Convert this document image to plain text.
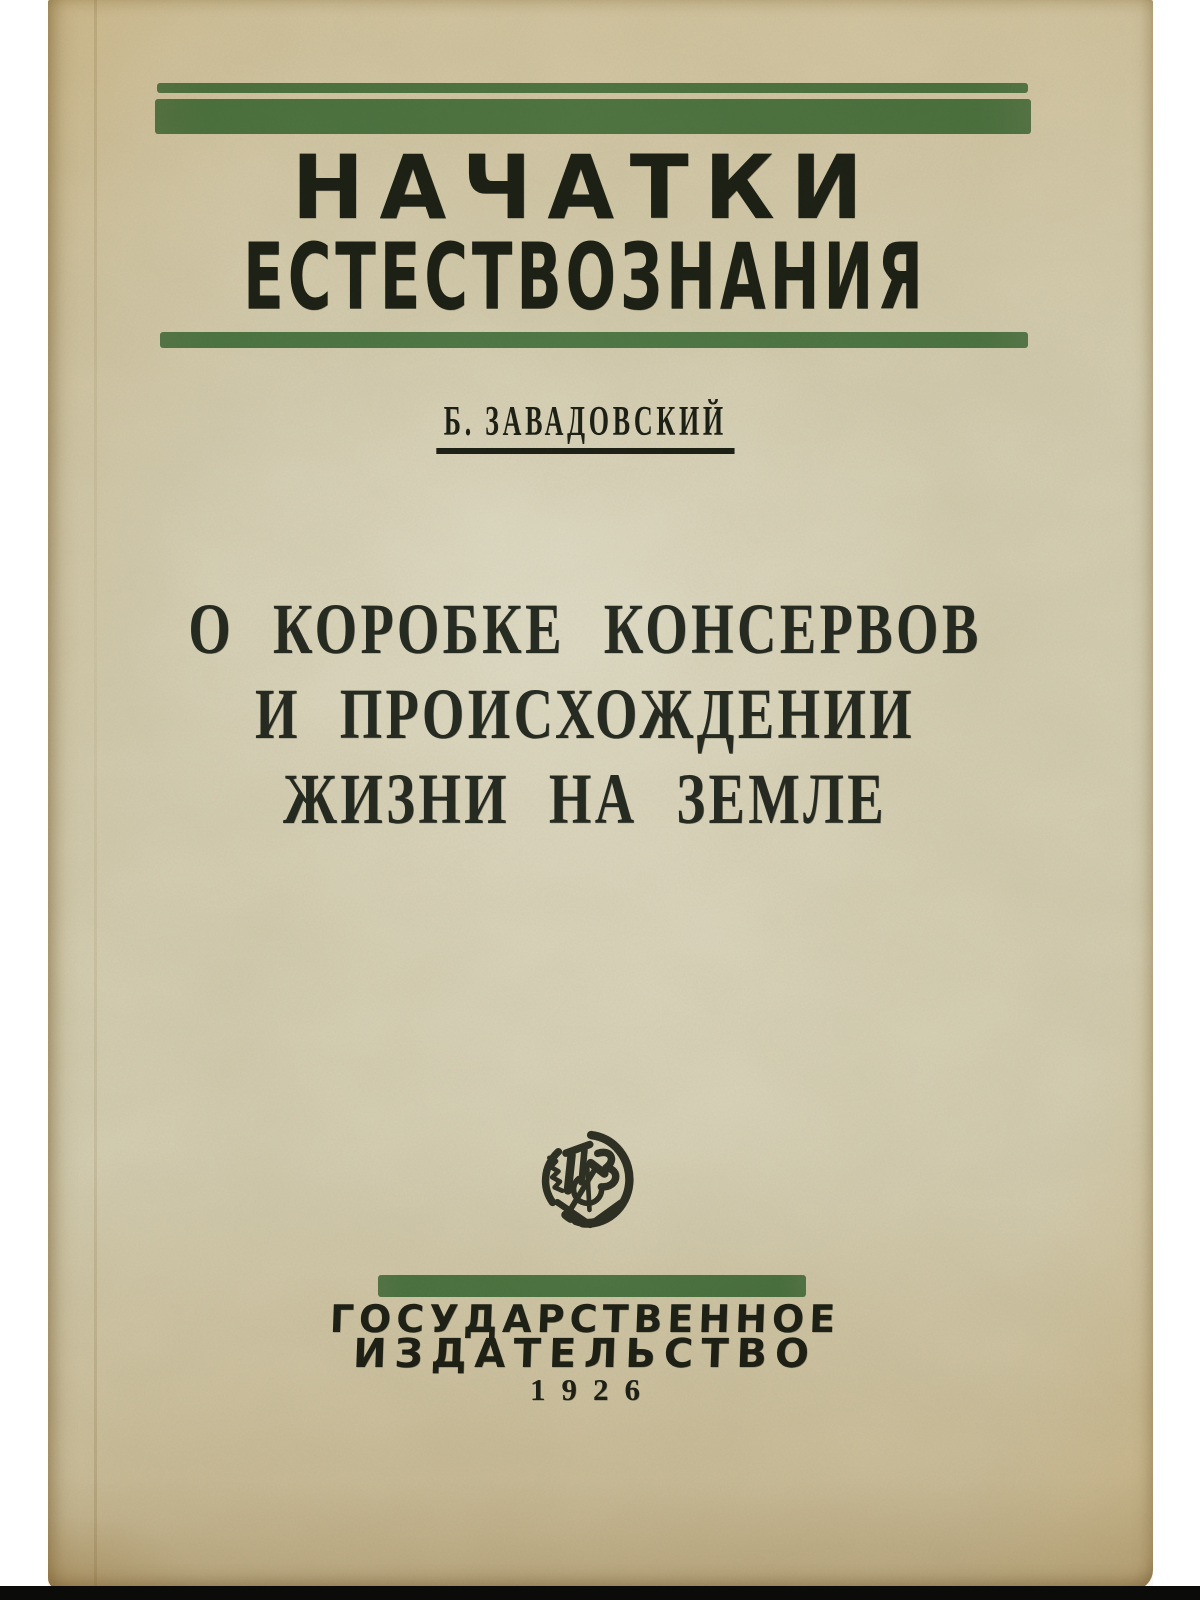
НАЧАТКИ
ЕСТЕСТВОЗНАНИЯ
Б. ЗАВАДОВСКИЙ
О КОРОБКЕ КОНСЕРВОВ
И ПРОИСХОЖДЕНИИ
ЖИЗНИ НА ЗЕМЛЕ
ГОСУДАРСТВЕННОЕ
ИЗДАТЕЛЬСТВО
1926
